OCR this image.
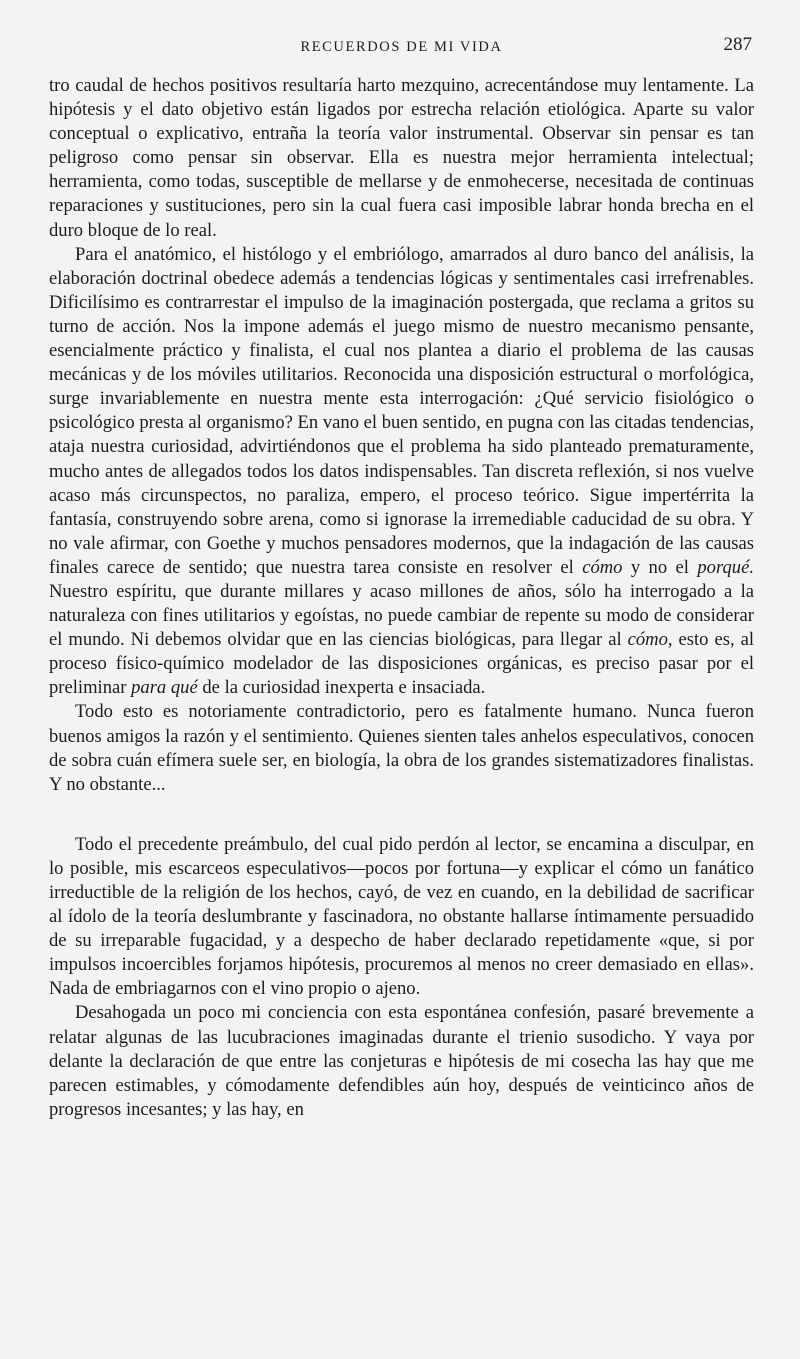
RECUERDOS DE MI VIDA	287

tro caudal de hechos positivos resultaría harto mezquino, acrecentándose muy lentamente. La hipótesis y el dato objetivo están ligados por estrecha relación etiológica. Aparte su valor conceptual o explicativo, entraña la teoría valor instrumental. Observar sin pensar es tan peligroso como pensar sin observar. Ella es nuestra mejor herramienta intelectual; herramienta, como todas, susceptible de mellarse y de enmohecerse, necesitada de continuas reparaciones y sustituciones, pero sin la cual fuera casi imposible labrar honda brecha en el duro bloque de lo real.

Para el anatómico, el histólogo y el embriólogo, amarrados al duro banco del análisis, la elaboración doctrinal obedece además a tendencias lógicas y sentimentales casi irrefrenables. Dificilísimo es contrarrestar el impulso de la imaginación postergada, que reclama a gritos su turno de acción. Nos la impone además el juego mismo de nuestro mecanismo pensante, esencialmente práctico y finalista, el cual nos plantea a diario el problema de las causas mecánicas y de los móviles utilitarios. Reconocida una disposición estructural o morfológica, surge invariablemente en nuestra mente esta interrogación: ¿Qué servicio fisiológico o psicológico presta al organismo? En vano el buen sentido, en pugna con las citadas tendencias, ataja nuestra curiosidad, advirtiéndonos que el problema ha sido planteado prematuramente, mucho antes de allegados todos los datos indispensables. Tan discreta reflexión, si nos vuelve acaso más circunspectos, no paraliza, empero, el proceso teórico. Sigue impertérrita la fantasía, construyendo sobre arena, como si ignorase la irremediable caducidad de su obra. Y no vale afirmar, con Goethe y muchos pensadores modernos, que la indagación de las causas finales carece de sentido; que nuestra tarea consiste en resolver el cómo y no el porqué. Nuestro espíritu, que durante millares y acaso millones de años, sólo ha interrogado a la naturaleza con fines utilitarios y egoístas, no puede cambiar de repente su modo de considerar el mundo. Ni debemos olvidar que en las ciencias biológicas, para llegar al cómo, esto es, al proceso físico-químico modelador de las disposiciones orgánicas, es preciso pasar por el preliminar para qué de la curiosidad inexperta e insaciada.

Todo esto es notoriamente contradictorio, pero es fatalmente humano. Nunca fueron buenos amigos la razón y el sentimiento. Quienes sienten tales anhelos especulativos, conocen de sobra cuán efímera suele ser, en biología, la obra de los grandes sistematizadores finalistas. Y no obstante...

Todo el precedente preámbulo, del cual pido perdón al lector, se encamina a disculpar, en lo posible, mis escarceos especulativos—pocos por fortuna—y explicar el cómo un fanático irreductible de la religión de los hechos, cayó, de vez en cuando, en la debilidad de sacrificar al ídolo de la teoría deslumbrante y fascinadora, no obstante hallarse íntimamente persuadido de su irreparable fugacidad, y a despecho de haber declarado repetidamente «que, si por impulsos incoercibles forjamos hipótesis, procuremos al menos no creer demasiado en ellas». Nada de embriagarnos con el vino propio o ajeno.

Desahogada un poco mi conciencia con esta espontánea confesión, pasaré brevemente a relatar algunas de las lucubraciones imaginadas durante el trienio susodicho. Y vaya por delante la declaración de que entre las conjeturas e hipótesis de mi cosecha las hay que me parecen estimables, y cómodamente defendibles aún hoy, después de veinticinco años de progresos incesantes; y las hay, en
